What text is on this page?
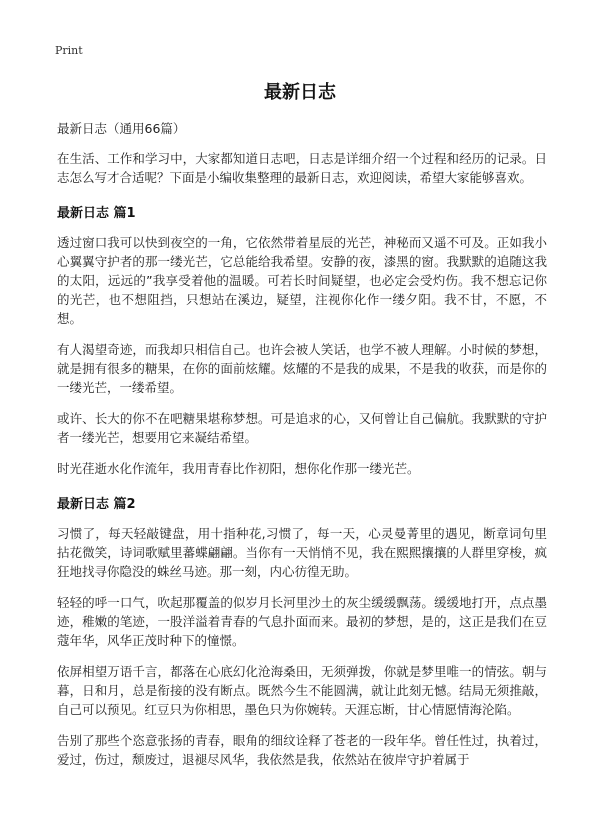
Print
最新日志

最新日志（通用66篇）

在生活、工作和学习中，大家都知道日志吧，日志是详细介绍一个过程和经历的记录。日志怎么写才合适呢？下面是小编收集整理的最新日志，欢迎阅读，希望大家能够喜欢。

最新日志 篇1

透过窗口我可以快到夜空的一角，它依然带着星辰的光芒，神秘而又遥不可及。正如我小心翼翼守护者的那一缕光芒，它总能给我希望。安静的夜，漆黑的窗。我默默的追随这我的太阳，远远的”我享受着他的温暖。可若长时间疑望，也必定会受灼伤。我不想忘记你的光芒，也不想阻挡，只想站在溪边，疑望，注视你化作一缕夕阳。我不甘，不愿，不想。

有人渴望奇迹，而我却只相信自己。也许会被人笑话，也学不被人理解。小时候的梦想，就是拥有很多的糖果，在你的面前炫耀。炫耀的不是我的成果，不是我的收获，而是你的一缕光芒，一缕希望。

或许、长大的你不在吧糖果堪称梦想。可是追求的心，又何曾让自己偏航。我默默的守护者一缕光芒，想要用它来凝结希望。

时光荏逝水化作流年，我用青春比作初阳，想你化作那一缕光芒。

最新日志 篇2

习惯了，每天轻敲键盘，用十指种花,习惯了，每一天，心灵曼菁里的遇见，断章词句里拈花微笑，诗词歌赋里蕃蝶翩翩。当你有一天悄悄不见，我在熙熙攘攘的人群里穿梭，疯狂地找寻你隐没的蛛丝马迹。那一刻，内心彷徨无助。

轻轻的呼一口气，吹起那覆盖的似岁月长河里沙土的灰尘缓缓飘荡。缓缓地打开，点点墨迹，稚嫩的笔迹，一股洋溢着青春的气息扑面而来。最初的梦想，是的，这正是我们在豆蔻年华，风华正茂时种下的憧憬。

依屏相望万语千言，都落在心底幻化沧海桑田，无须弹拨，你就是梦里唯一的情弦。朝与暮，日和月，总是衔接的没有断点。既然今生不能圆满，就让此刻无憾。结局无须推敲，自己可以预见。红豆只为你相思，墨色只为你婉转。天涯忘断，甘心情愿情海沦陷。

告别了那些个恣意张扬的青春，眼角的细纹诠释了苍老的一段年华。曾任性过，执着过，爱过，伤过，颓废过，退褪尽风华，我依然是我，依然站在彼岸守护着属于
